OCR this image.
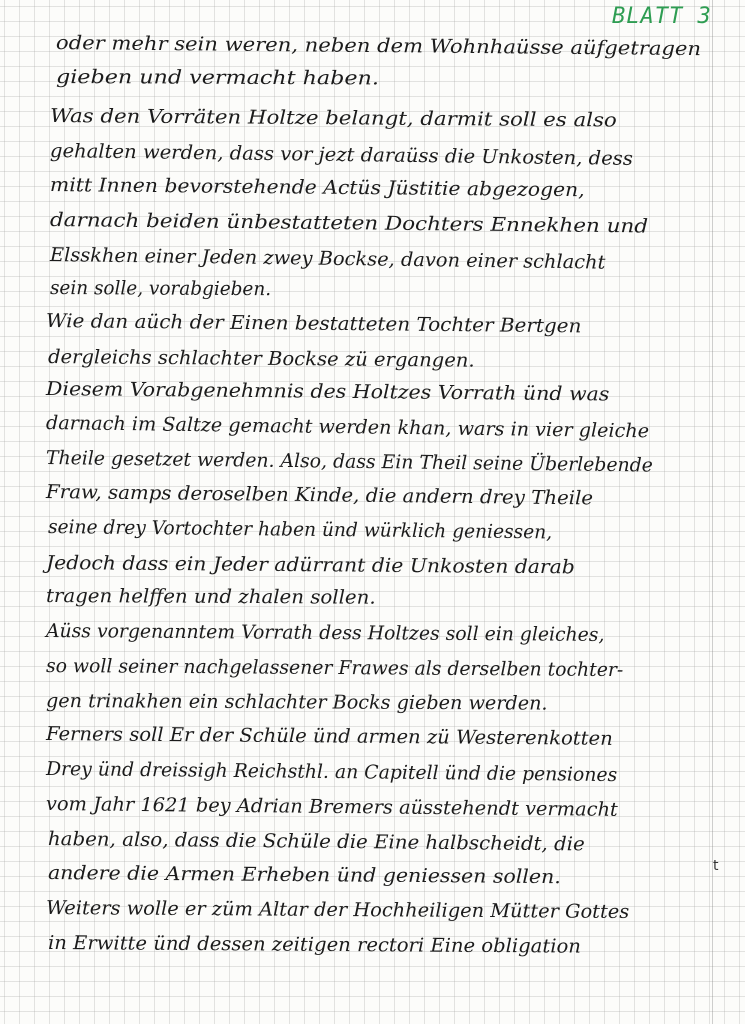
BLATT 3
t
oder mehr sein weren, neben dem Wohnhaüsse aüfgetragen
gieben und vermacht haben.
Was den Vorräten Holtze belangt, darmit soll es also
gehalten werden, dass vor jezt daraüss die Unkosten, dess
mitt Innen bevorstehende Actüs Jüstitie abgezogen,
darnach beiden ünbestatteten Dochters Ennekhen und
Elsskhen einer Jeden zwey Bockse, davon einer schlacht
sein solle, vorabgieben.
Wie dan aüch der Einen bestatteten Tochter Bertgen
dergleichs schlachter Bockse zü ergangen.
Diesem Vorabgenehmnis des Holtzes Vorrath ünd was
darnach im Saltze gemacht werden khan, wars in vier gleiche
Theile gesetzet werden. Also, dass Ein Theil seine Überlebende
Fraw, samps deroselben Kinde, die andern drey Theile
seine drey Vortochter haben ünd würklich geniessen,
Jedoch dass ein Jeder adürrant die Unkosten darab
tragen helffen und zhalen sollen.
Aüss vorgenanntem Vorrath dess Holtzes soll ein gleiches,
so woll seiner nachgelassener Frawes als derselben tochter-
gen trinakhen ein schlachter Bocks gieben werden.
Ferners soll Er der Schüle ünd armen zü Westerenkotten
Drey ünd dreissigh Reichsthl. an Capitell ünd die pensiones
vom Jahr 1621 bey Adrian Bremers aüsstehendt vermacht
haben, also, dass die Schüle die Eine halbscheidt, die
andere die Armen Erheben ünd geniessen sollen.
Weiters wolle er züm Altar der Hochheiligen Mütter Gottes
in Erwitte ünd dessen zeitigen rectori Eine obligation
